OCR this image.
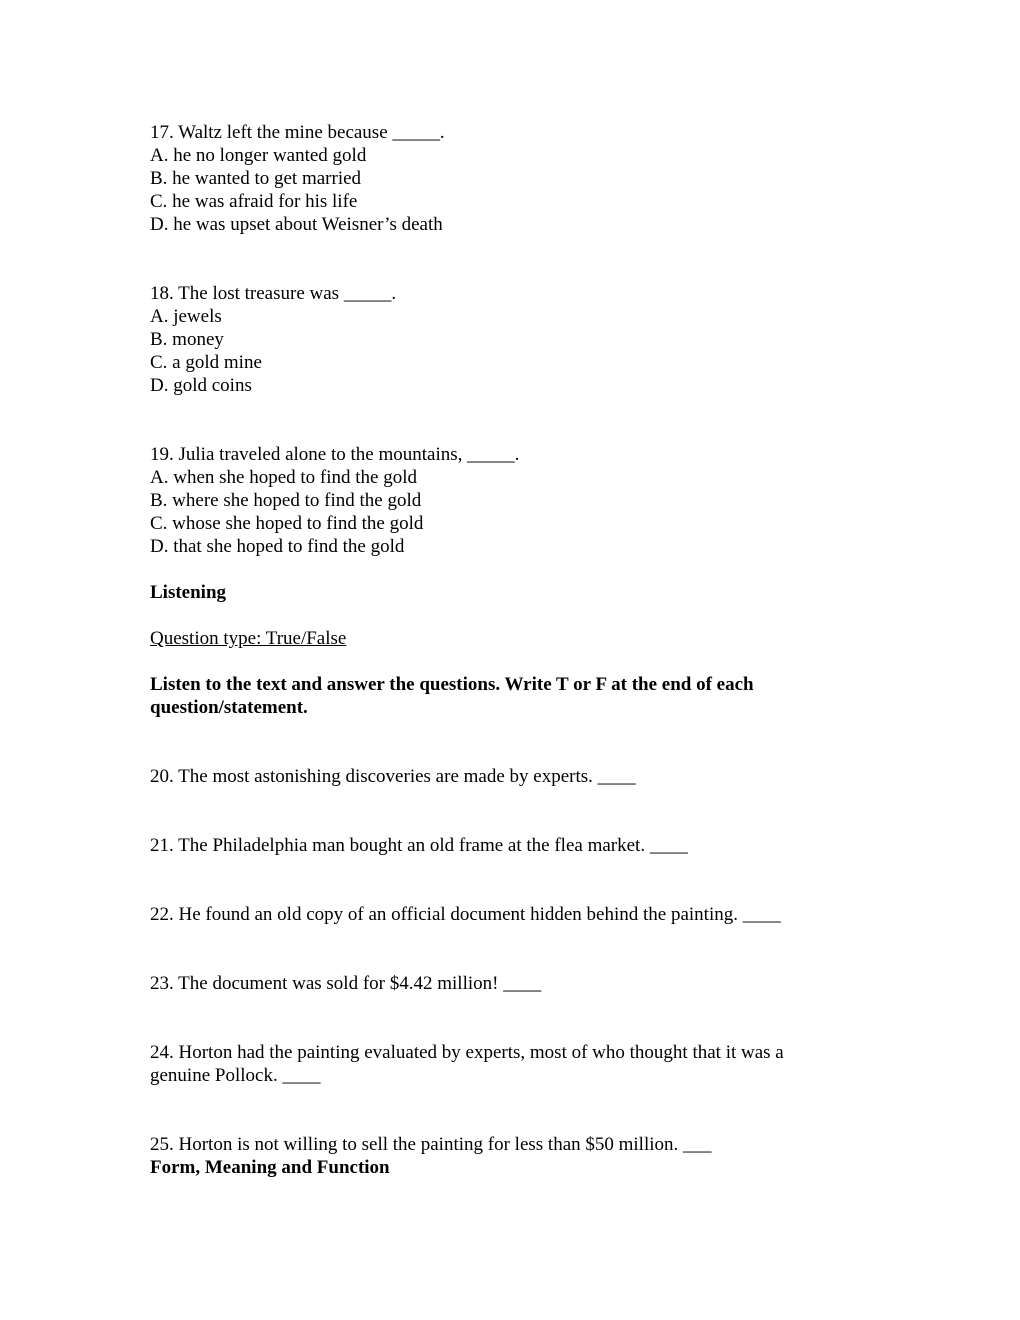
17. Waltz left the mine because _____.
A. he no longer wanted gold
B. he wanted to get married
C. he was afraid for his life
D. he was upset about Weisner’s death
18. The lost treasure was _____.
A. jewels
B. money
C. a gold mine
D. gold coins
19. Julia traveled alone to the mountains, _____.
A. when she hoped to find the gold
B. where she hoped to find the gold
C. whose she hoped to find the gold
D. that she hoped to find the gold
Listening
Question type: True/False
Listen to the text and answer the questions. Write T or F at the end of each question/statement.
20. The most astonishing discoveries are made by experts. ____
21. The Philadelphia man bought an old frame at the flea market. ____
22. He found an old copy of an official document hidden behind the painting. ____
23. The document was sold for $4.42 million! ____
24. Horton had the painting evaluated by experts, most of who thought that it was a genuine Pollock. ____
25. Horton is not willing to sell the painting for less than $50 million. ___
Form, Meaning and Function
